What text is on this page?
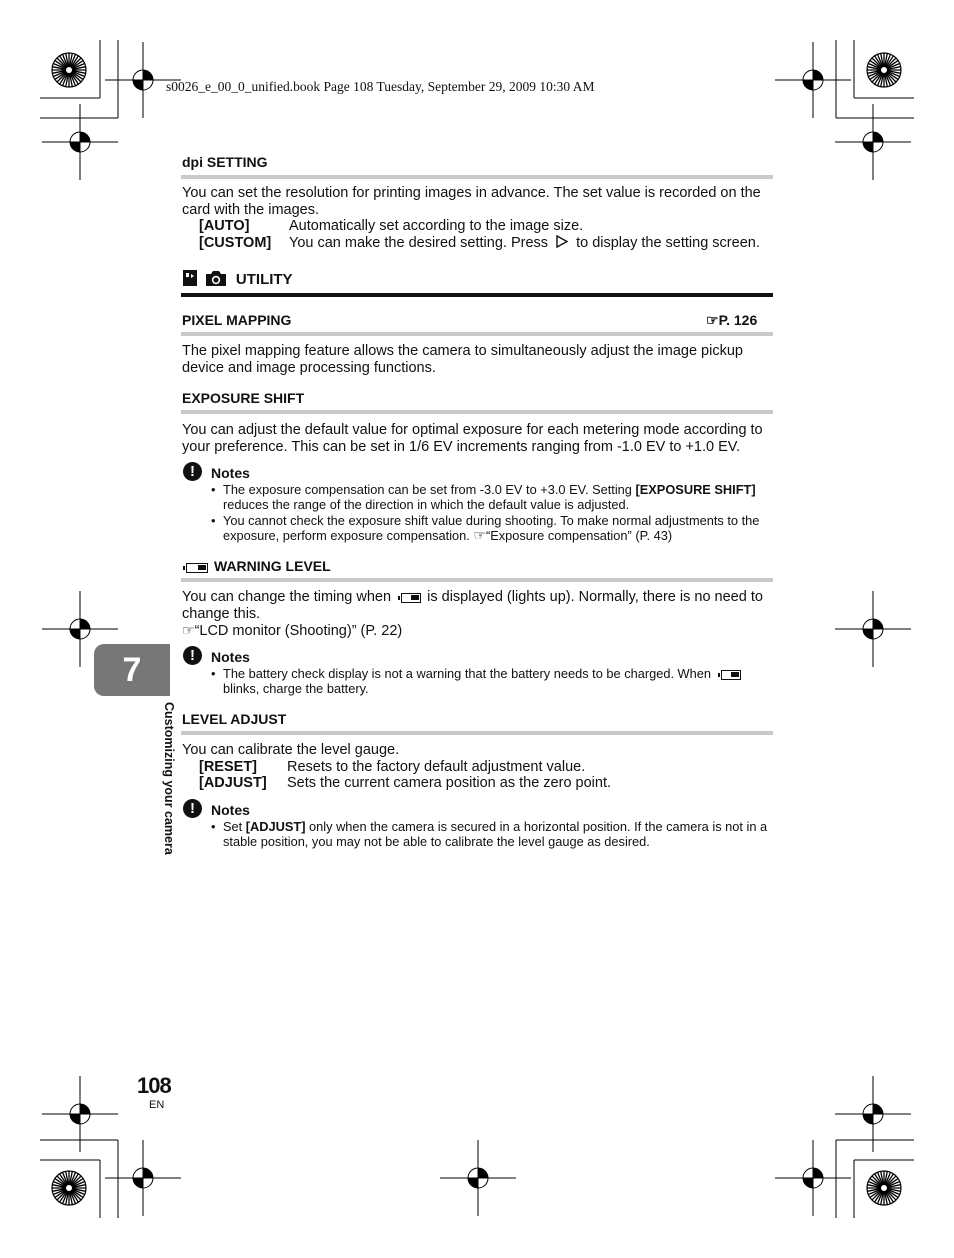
s0026_e_00_0_unified.book Page 108 Tuesday, September 29, 2009 10:30 AM
dpi SETTING
You can set the resolution for printing images in advance. The set value is recorded on the card with the images.
[AUTO]	Automatically set according to the image size.
[CUSTOM] You can make the desired setting. Press to display the setting screen.
UTILITY
PIXEL MAPPING	☞P. 126
The pixel mapping feature allows the camera to simultaneously adjust the image pickup device and image processing functions.
EXPOSURE SHIFT
You can adjust the default value for optimal exposure for each metering mode according to your preference. This can be set in 1/6 EV increments ranging from -1.0 EV to +1.0 EV.
!	Notes
• The exposure compensation can be set from -3.0 EV to +3.0 EV. Setting [EXPOSURE SHIFT] reduces the range of the direction in which the default value is adjusted.
• You cannot check the exposure shift value during shooting. To make normal adjustments to the exposure, perform exposure compensation. ☞“Exposure compensation” (P. 43)
WARNING LEVEL
You can change the timing when is displayed (lights up). Normally, there is no need to change this.
☞“LCD monitor (Shooting)” (P. 22)
!	Notes
• The battery check display is not a warning that the battery needs to be charged. When  blinks, charge the battery.
LEVEL ADJUST
You can calibrate the level gauge.
[RESET] Resets to the factory default adjustment value.
[ADJUST] Sets the current camera position as the zero point.
!	Notes
• Set [ADJUST] only when the camera is secured in a horizontal position. If the camera is not in a stable position, you may not be able to calibrate the level gauge as desired.
7
Customizing your camera
108
EN
